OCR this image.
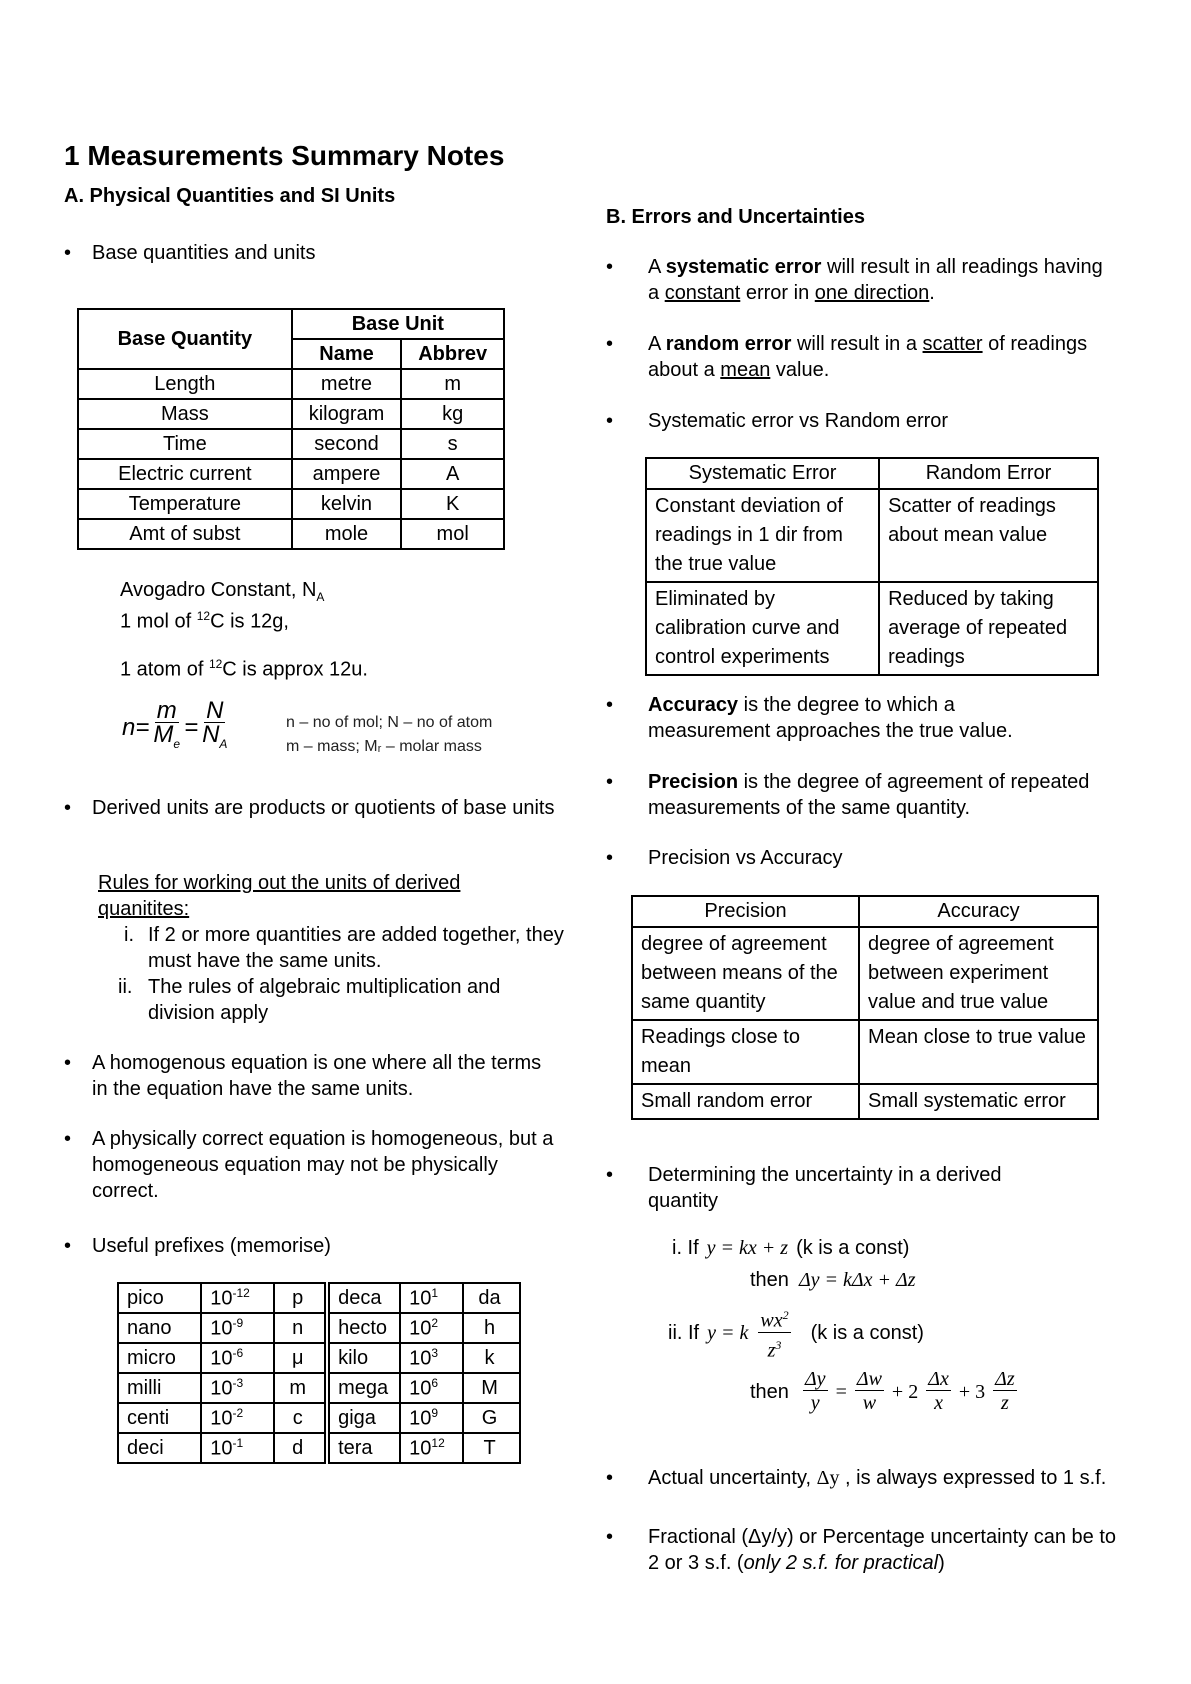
1 Measurements Summary Notes
A. Physical Quantities and SI Units
• Base quantities and units
Base Quantity	Base Unit	
	Name	Abbrev
Length	metre	m
Mass	kilogram	kg
Time	second	s
Electric current	ampere	A
Temperature	kelvin	K
Amt of subst	mole	mol
Avogadro Constant, $N_A$
1 mol of $^{12}$C is 12g,
1 atom of $^{12}$C is approx 12u.
$n= \frac{m}{M_e} = \frac{N}{N_A}$	n – no of mol; N – no of atom
m – mass; Mᵣ – molar mass
• Derived units are products or quotients of base units
Rules for working out the units of derived quanitites:
i. If 2 or more quantities are added together, they must have the same units.
ii. The rules of algebraic multiplication and division apply
• A homogenous equation is one where all the terms in the equation have the same units.
• A physically correct equation is homogeneous, but a homogeneous equation may not be physically correct.
• Useful prefixes (memorise)
pico	$10^{-12}$	p	deca	$10^1$	da
nano	$10^{-9}$	n	hecto	$10^2$	h
micro	$10^{-6}$	μ	kilo	$10^3$	k
milli	$10^{-3}$	m	mega	$10^6$	M
centi	$10^{-2}$	c	giga	$10^9$	G
deci	$10^{-1}$	d	tera	$10^{12}$	T
B. Errors and Uncertainties
• A systematic error will result in all readings having a constant error in one direction.
• A random error will result in a scatter of readings about a mean value.
• Systematic error vs Random error
Systematic Error	Random Error
Constant deviation of readings in 1 dir from the true value	Scatter of readings about mean value
Eliminated by calibration curve and control experiments	Reduced by taking average of repeated readings
• Accuracy is the degree to which a measurement approaches the true value.
• Precision is the degree of agreement of repeated measurements of the same quantity.
• Precision vs Accuracy
Precision	Accuracy
degree of agreement between means of the same quantity	degree of agreement between experiment value and true value
Readings close to mean	Mean close to true value
Small random error	Small systematic error
• Determining the uncertainty in a derived quantity
i. If y = kx + z (k is a const)
then Δy = kΔx + Δz
ii. If y = k $\frac{wx^2}{z^3} (k$ is a const)
then $\frac{\Delta y}{y} = \frac{\Delta w}{w} + 2 \frac{\Delta x}{x} + 3 \frac{\Delta z}{z}$
• Actual uncertainty, Δy , is always expressed to 1 s.f.
• Fractional (Δy/y) or Percentage uncertainty can be to 2 or 3 s.f. (only 2 s.f. for practical)
